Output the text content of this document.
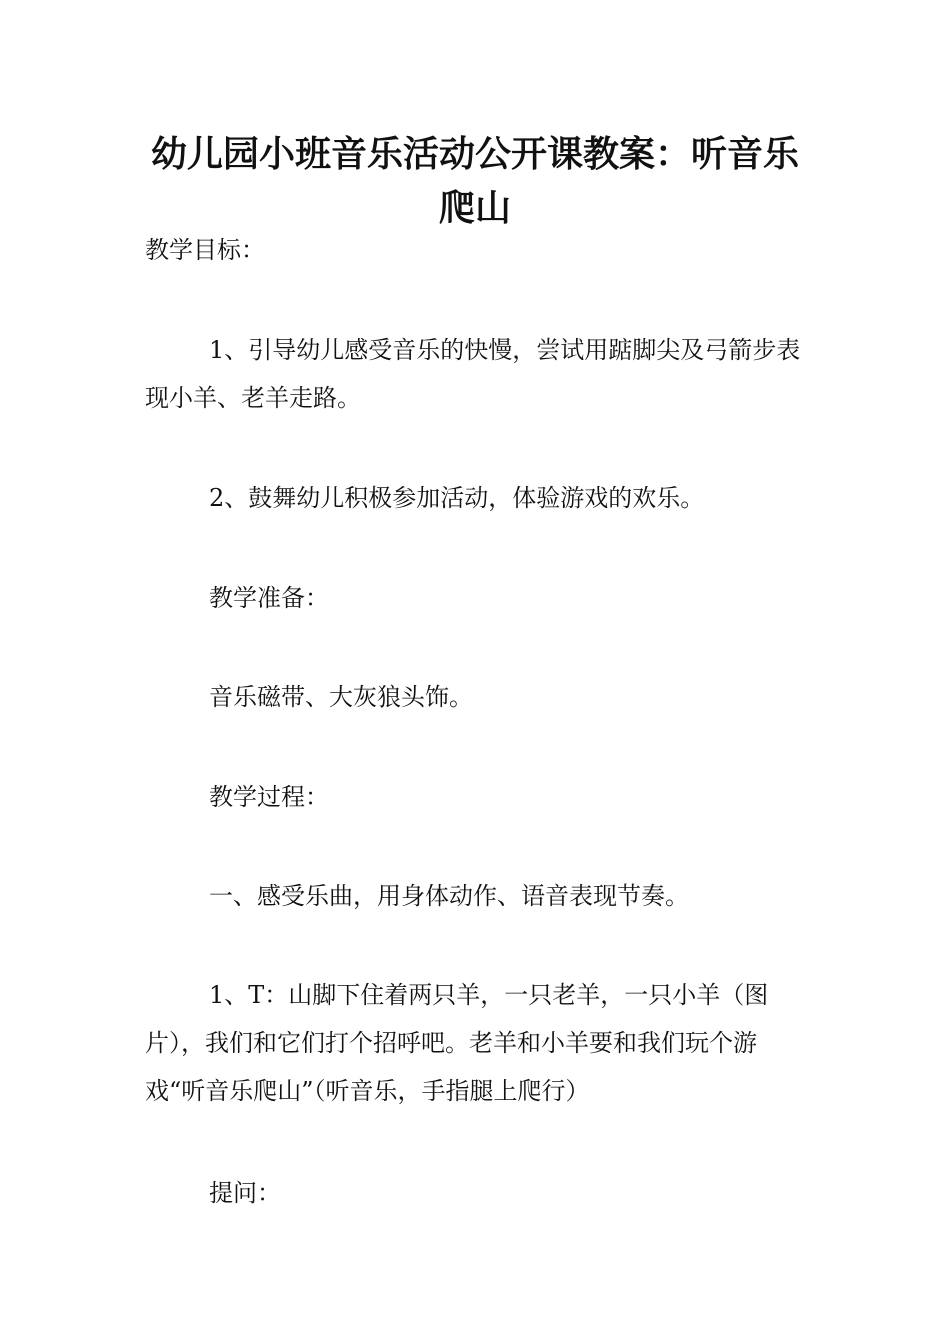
幼儿园小班音乐活动公开课教案：听音乐爬山

教学目标：

1、引导幼儿感受音乐的快慢，尝试用踮脚尖及弓箭步表现小羊、老羊走路。

2、鼓舞幼儿积极参加活动，体验游戏的欢乐。

教学准备：

音乐磁带、大灰狼头饰。

教学过程：

一、感受乐曲，用身体动作、语音表现节奏。

1、T：山脚下住着两只羊，一只老羊，一只小羊（图片），我们和它们打个招呼吧。老羊和小羊要和我们玩个游戏“听音乐爬山”（听音乐，手指腿上爬行）

提问：
